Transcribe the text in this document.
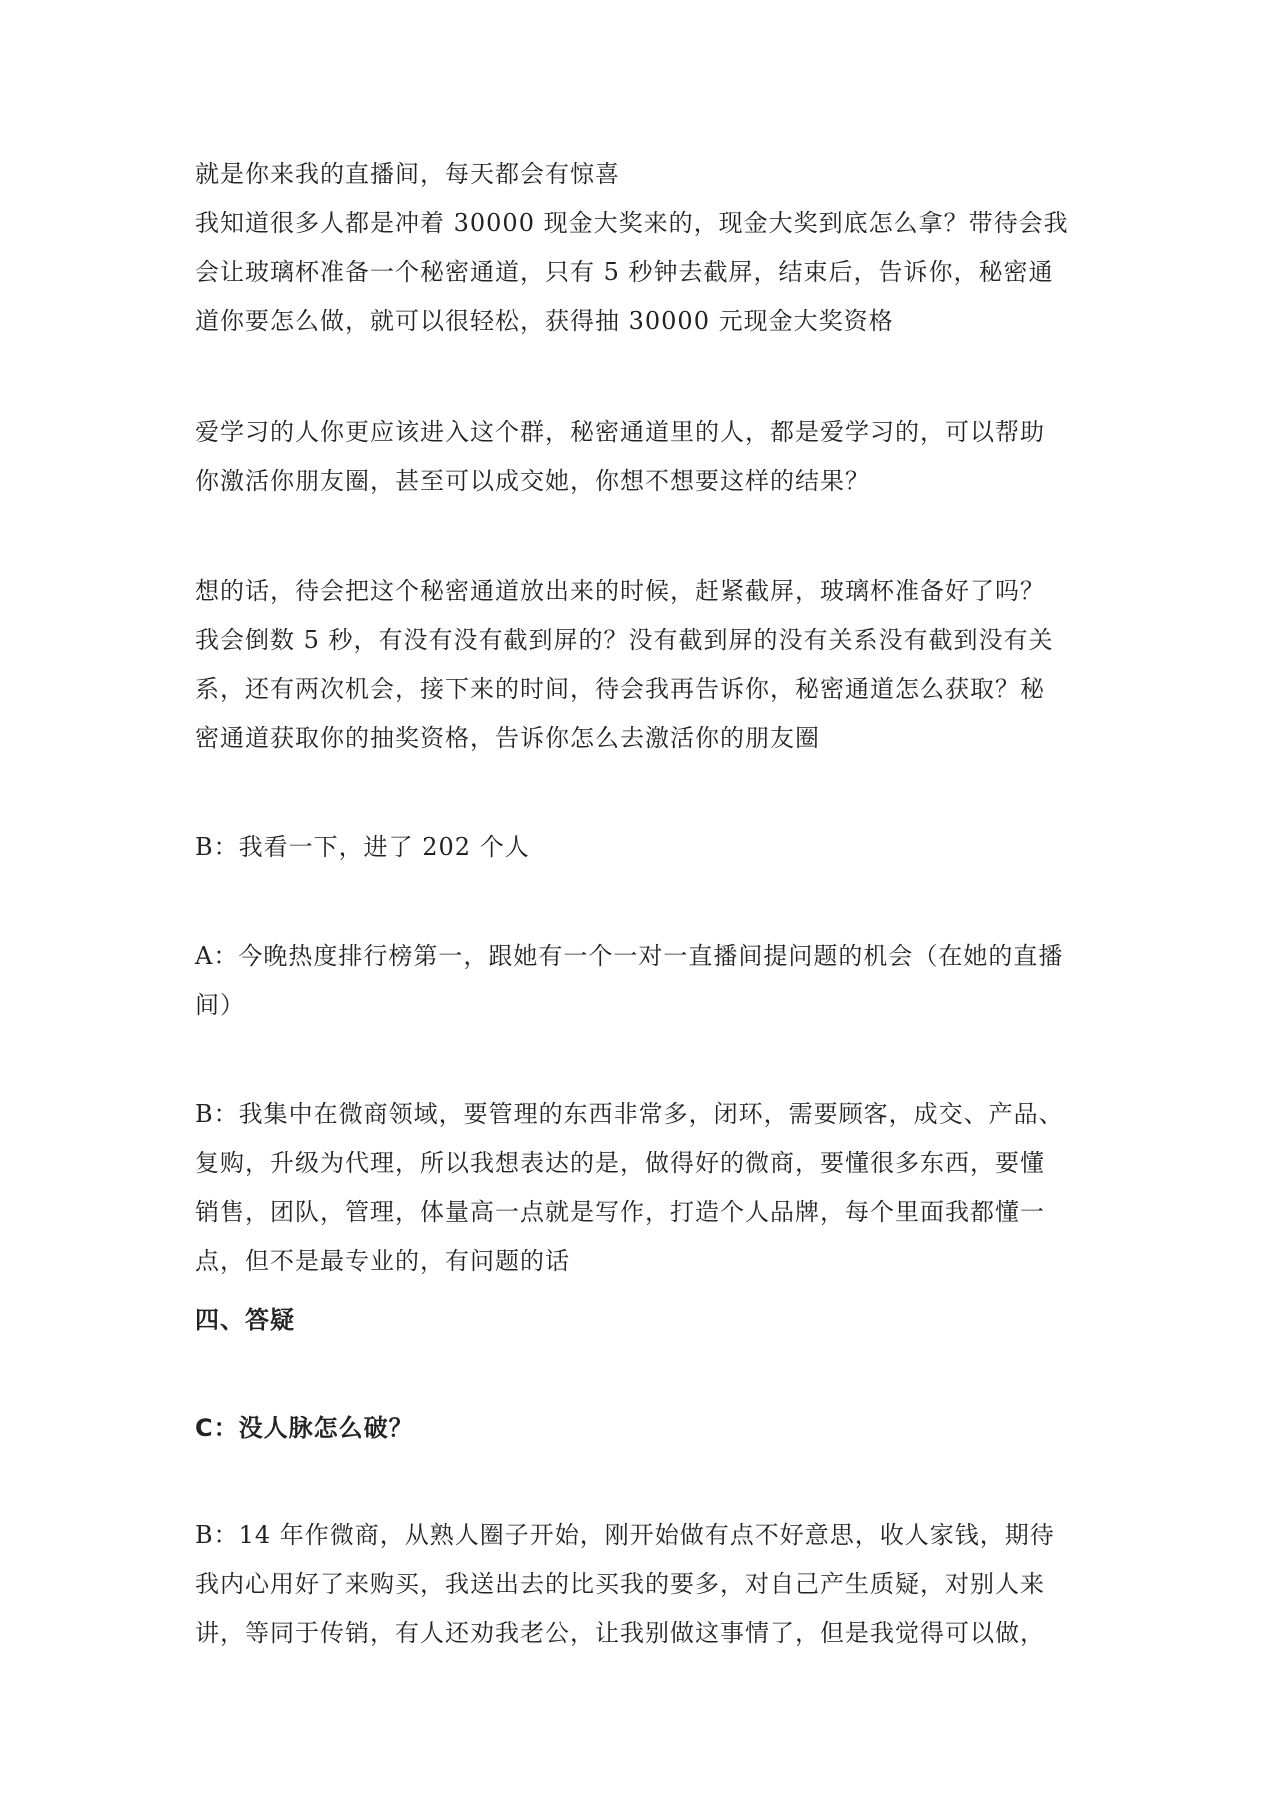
就是你来我的直播间，每天都会有惊喜
我知道很多人都是冲着 30000 现金大奖来的，现金大奖到底怎么拿？带待会我
会让玻璃杯准备一个秘密通道，只有 5 秒钟去截屏，结束后，告诉你，秘密通
道你要怎么做，就可以很轻松，获得抽 30000 元现金大奖资格
爱学习的人你更应该进入这个群，秘密通道里的人，都是爱学习的，可以帮助
你激活你朋友圈，甚至可以成交她，你想不想要这样的结果？
想的话，待会把这个秘密通道放出来的时候，赶紧截屏，玻璃杯准备好了吗？
我会倒数 5 秒，有没有没有截到屏的？没有截到屏的没有关系没有截到没有关
系，还有两次机会，接下来的时间，待会我再告诉你，秘密通道怎么获取？秘
密通道获取你的抽奖资格，告诉你怎么去激活你的朋友圈
B：我看一下，进了 202 个人
A：今晚热度排行榜第一，跟她有一个一对一直播间提问题的机会（在她的直播
间）
B：我集中在微商领域，要管理的东西非常多，闭环，需要顾客，成交、产品、
复购，升级为代理，所以我想表达的是，做得好的微商，要懂很多东西，要懂
销售，团队，管理，体量高一点就是写作，打造个人品牌，每个里面我都懂一
点，但不是最专业的，有问题的话
四、答疑
C：没人脉怎么破？
B：14 年作微商，从熟人圈子开始，刚开始做有点不好意思，收人家钱，期待
我内心用好了来购买，我送出去的比买我的要多，对自己产生质疑，对别人来
讲，等同于传销，有人还劝我老公，让我别做这事情了，但是我觉得可以做，
